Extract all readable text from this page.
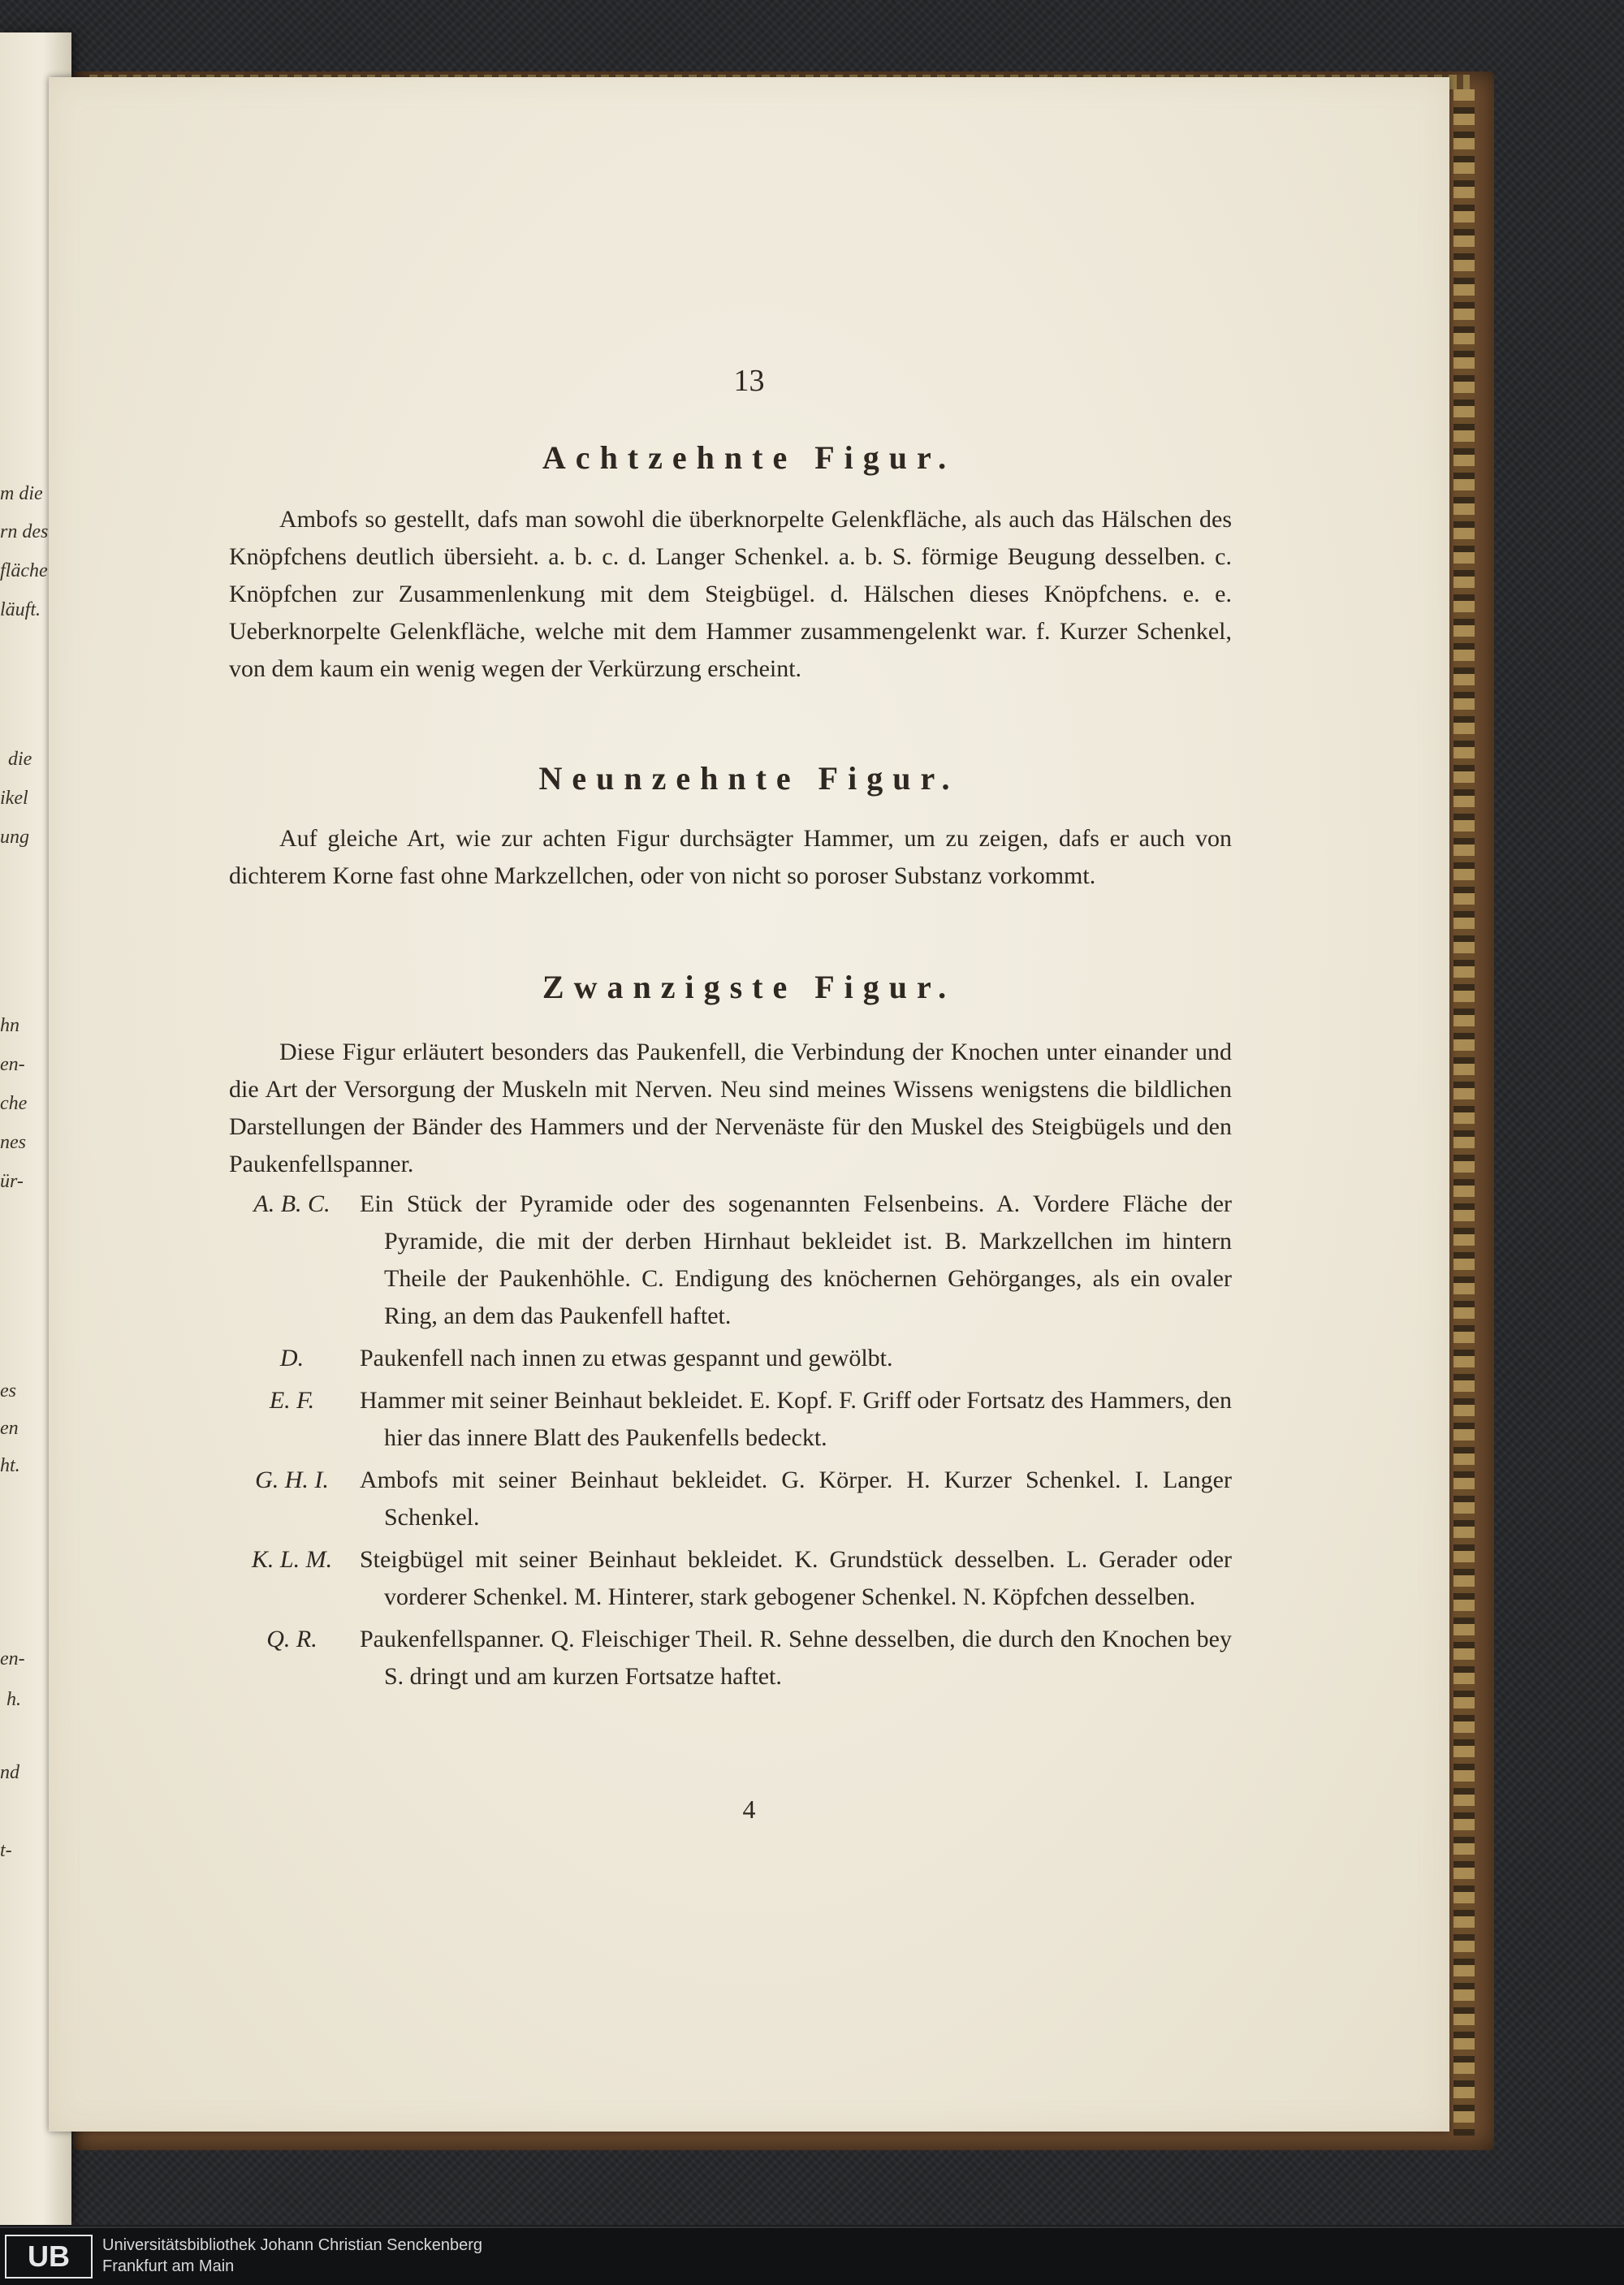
m die
rn des
fläche
läuft.
die
ikel
ung
hn
en-
che
nes
ür-
es
en
ht.
en-
h.
nd
t-
13
Achtzehnte Figur.

Ambofs so gestellt, dafs man sowohl die überknorpelte Gelenkfläche, als auch das Hälschen des Knöpfchens deutlich übersieht. a. b. c. d. Langer Schenkel. a. b. S. förmige Beugung desselben. c. Knöpfchen zur Zusammenlenkung mit dem Steigbügel. d. Hälschen dieses Knöpfchens. e. e. Ueberknorpelte Gelenkfläche, welche mit dem Hammer zusammengelenkt war. f. Kurzer Schenkel, von dem kaum ein wenig wegen der Verkürzung erscheint.

Neunzehnte Figur.

Auf gleiche Art, wie zur achten Figur durchsägter Hammer, um zu zeigen, dafs er auch von dichterem Korne fast ohne Markzellchen, oder von nicht so poroser Substanz vorkommt.

Zwanzigste Figur.

Diese Figur erläutert besonders das Paukenfell, die Verbindung der Knochen unter einander und die Art der Versorgung der Muskeln mit Nerven. Neu sind meines Wissens wenigstens die bildlichen Darstellungen der Bänder des Hammers und der Nervenäste für den Muskel des Steigbügels und den Paukenfellspanner.

A. B. C.	Ein Stück der Pyramide oder des sogenannten Felsenbeins. A. Vordere Fläche der Pyramide, die mit der derben Hirnhaut bekleidet ist. B. Markzellchen im hintern Theile der Paukenhöhle. C. Endigung des knöchernen Gehörganges, als ein ovaler Ring, an dem das Paukenfell haftet.
D.	Paukenfell nach innen zu etwas gespannt und gewölbt.
E. F.	Hammer mit seiner Beinhaut bekleidet. E. Kopf. F. Griff oder Fortsatz des Hammers, den hier das innere Blatt des Paukenfells bedeckt.
G. H. I.	Ambofs mit seiner Beinhaut bekleidet. G. Körper. H. Kurzer Schenkel. I. Langer Schenkel.
K. L. M.	Steigbügel mit seiner Beinhaut bekleidet. K. Grundstück desselben. L. Gerader oder vorderer Schenkel. M. Hinterer, stark gebogener Schenkel. N. Köpfchen desselben.
Q. R.	Paukenfellspanner. Q. Fleischiger Theil. R. Sehne desselben, die durch den Knochen bey S. dringt und am kurzen Fortsatze haftet.
4
UB	Universitätsbibliothek Johann Christian Senckenberg
Frankfurt am Main
